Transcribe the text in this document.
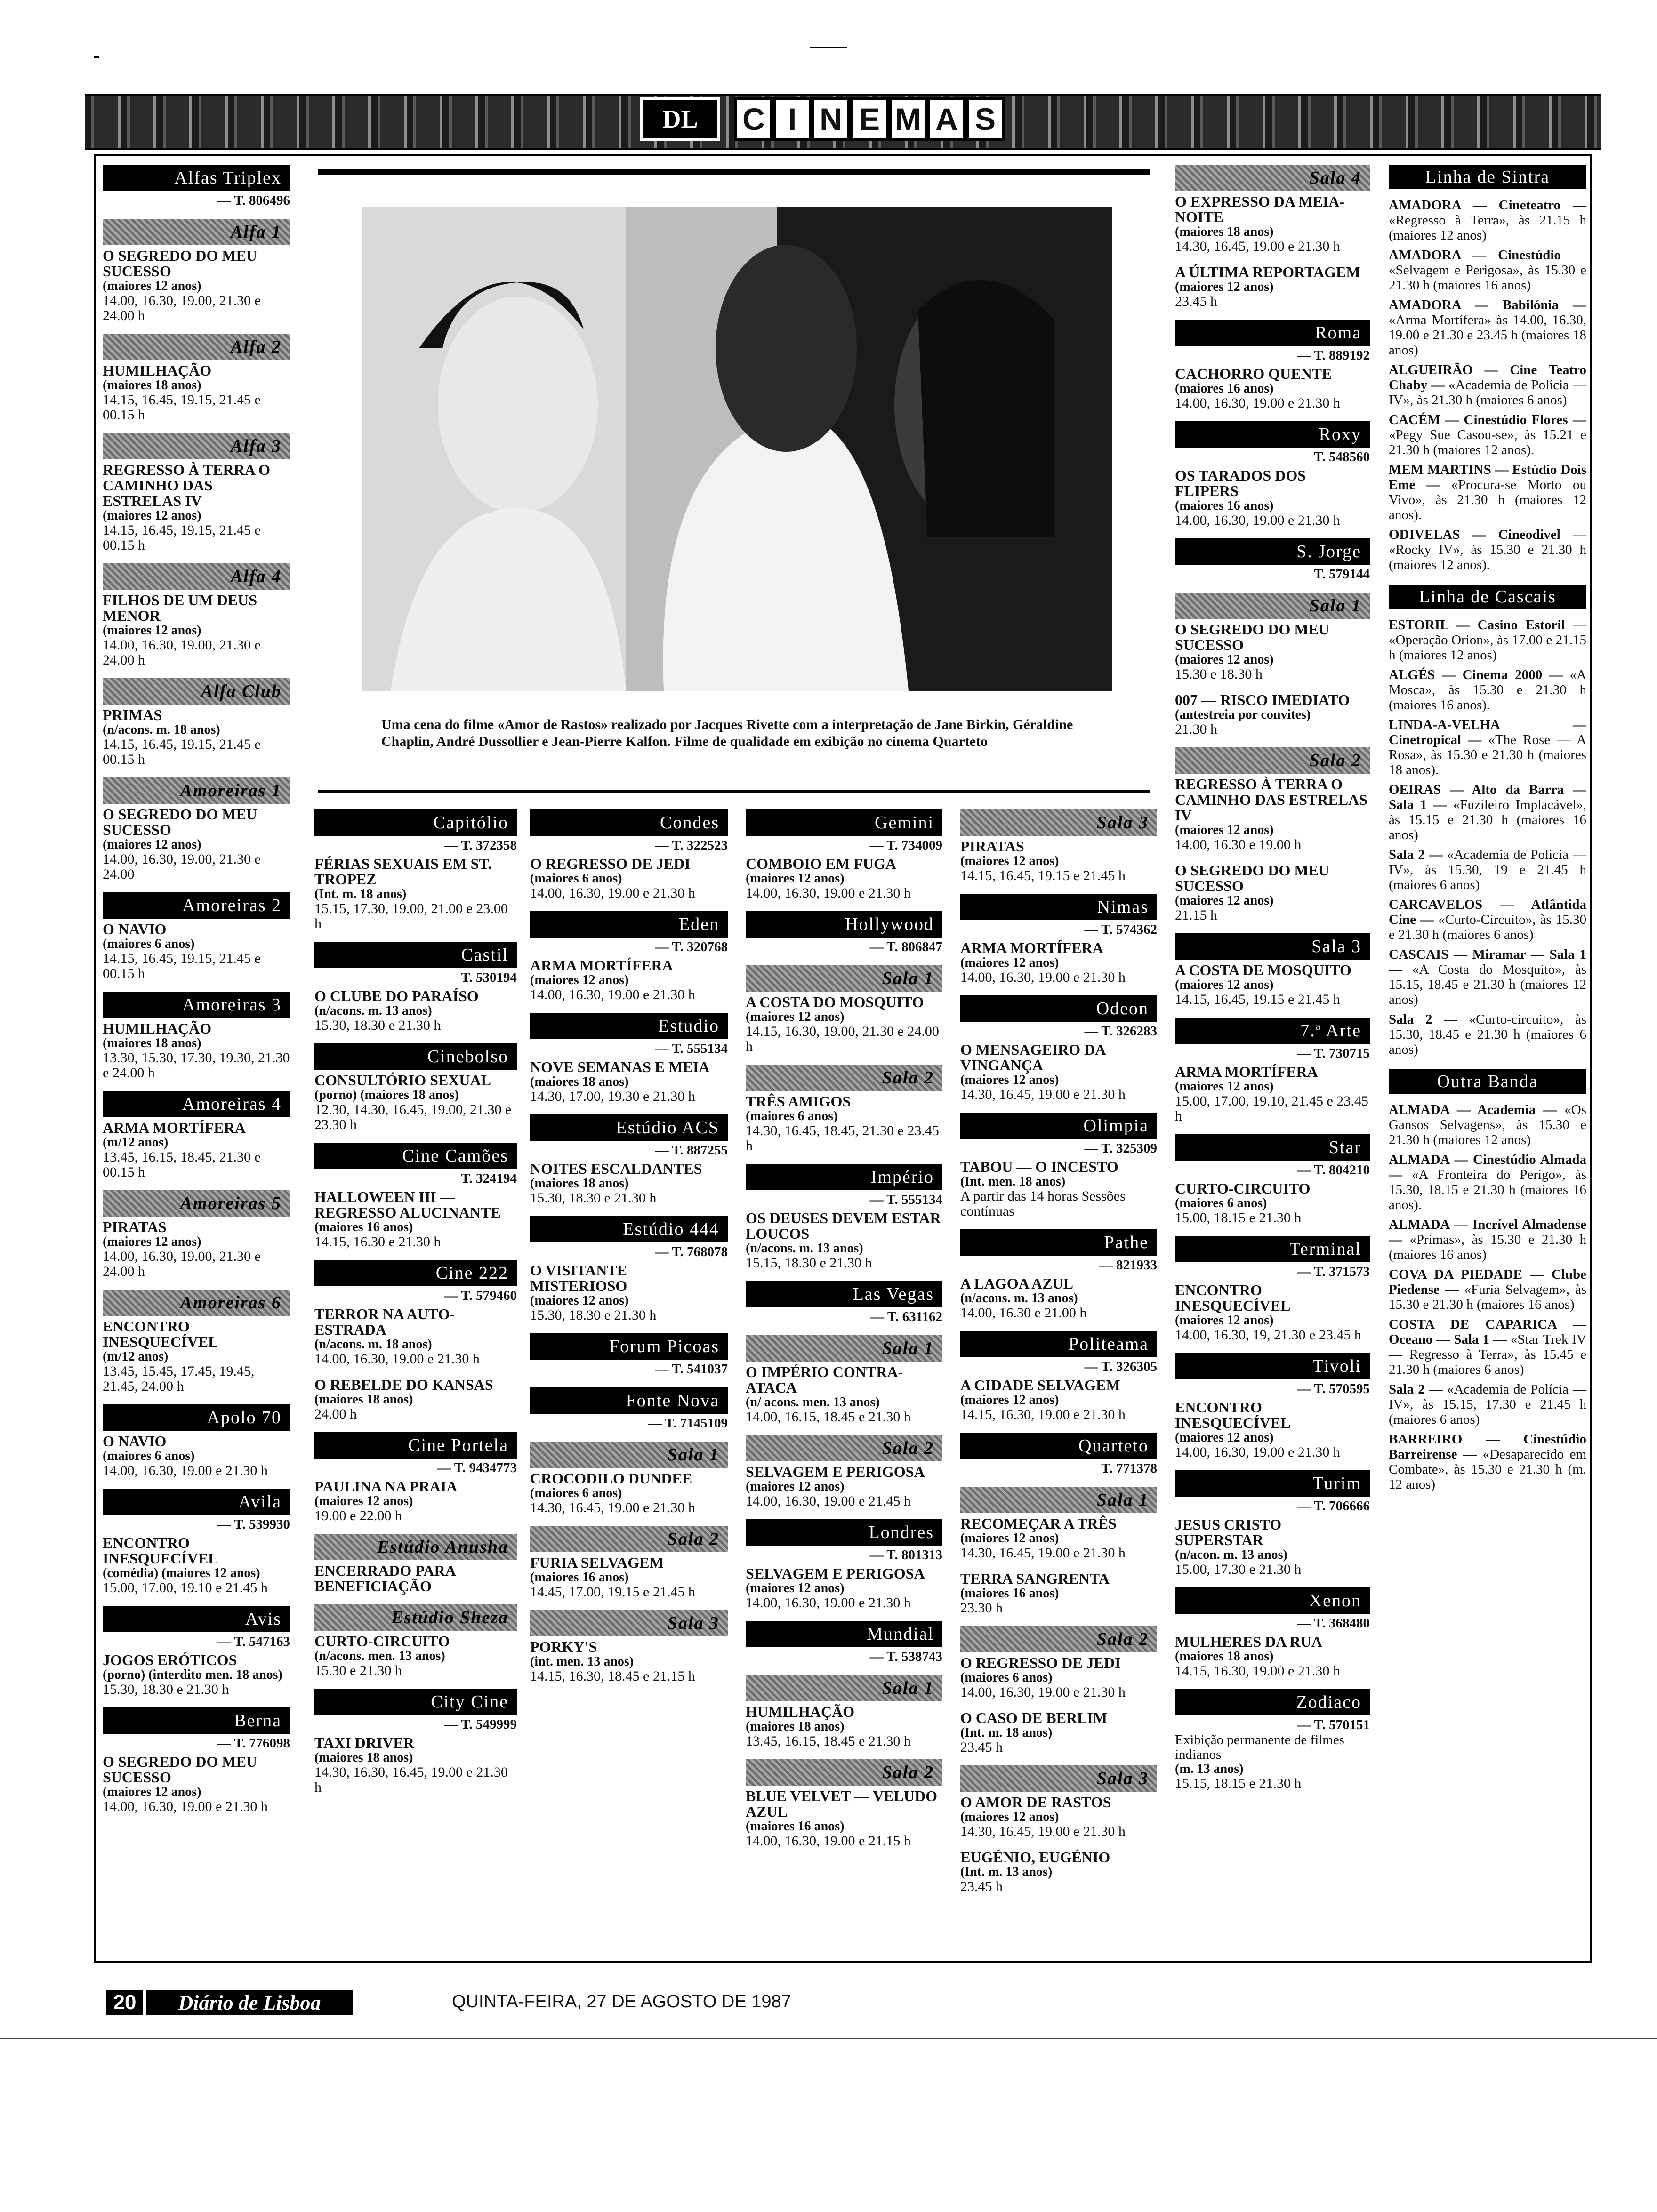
DL	C I N E M A S
Alfas Triplex
— T. 806496
Alfa 1
O SEGREDO DO MEU SUCESSO
(maiores 12 anos)
14.00, 16.30, 19.00, 21.30 e 24.00 h
Alfa 2
HUMILHAÇÃO
(maiores 18 anos)
14.15, 16.45, 19.15, 21.45 e 00.15 h
Alfa 3
REGRESSO À TERRA O CAMINHO DAS ESTRELAS IV
(maiores 12 anos)
14.15, 16.45, 19.15, 21.45 e 00.15 h
Alfa 4
FILHOS DE UM DEUS MENOR
(maiores 12 anos)
14.00, 16.30, 19.00, 21.30 e 24.00 h
Alfa Club
PRIMAS
(n/acons. m. 18 anos)
14.15, 16.45, 19.15, 21.45 e 00.15 h
Amoreiras 1
O SEGREDO DO MEU SUCESSO
(maiores 12 anos)
14.00, 16.30, 19.00, 21.30 e 24.00
Amoreiras 2
O NAVIO
(maiores 6 anos)
14.15, 16.45, 19.15, 21.45 e 00.15 h
Amoreiras 3
HUMILHAÇÃO
(maiores 18 anos)
13.30, 15.30, 17.30, 19.30, 21.30 e 24.00 h
Amoreiras 4
ARMA MORTÍFERA
(m/12 anos)
13.45, 16.15, 18.45, 21.30 e 00.15 h
Amoreiras 5
PIRATAS
(maiores 12 anos)
14.00, 16.30, 19.00, 21.30 e 24.00 h
Amoreiras 6
ENCONTRO INESQUECÍVEL
(m/12 anos)
13.45, 15.45, 17.45, 19.45, 21.45, 24.00 h
Apolo 70
O NAVIO
(maiores 6 anos)
14.00, 16.30, 19.00 e 21.30 h
Avila
— T. 539930
ENCONTRO INESQUECÍVEL
(comédia) (maiores 12 anos)
15.00, 17.00, 19.10 e 21.45 h
Avis
— T. 547163
JOGOS ERÓTICOS
(porno) (interdito men. 18 anos)
15.30, 18.30 e 21.30 h
Berna
— T. 776098
O SEGREDO DO MEU SUCESSO
(maiores 12 anos)
14.00, 16.30, 19.00 e 21.30 h
Capitólio
— T. 372358
FÉRIAS SEXUAIS EM ST. TROPEZ
(Int. m. 18 anos)
15.15, 17.30, 19.00, 21.00 e 23.00 h
Castil
T. 530194
O CLUBE DO PARAÍSO
(n/acons. m. 13 anos)
15.30, 18.30 e 21.30 h
Cinebolso
CONSULTÓRIO SEXUAL
(porno) (maiores 18 anos)
12.30, 14.30, 16.45, 19.00, 21.30 e 23.30 h
Cine Camões
T. 324194
HALLOWEEN III — REGRESSO ALUCINANTE
(maiores 16 anos)
14.15, 16.30 e 21.30 h
Cine 222
— T. 579460
TERROR NA AUTO-ESTRADA
(n/acons. m. 18 anos)
14.00, 16.30, 19.00 e 21.30 h
O REBELDE DO KANSAS
(maiores 18 anos)
24.00 h
Cine Portela
— T. 9434773
PAULINA NA PRAIA
(maiores 12 anos)
19.00 e 22.00 h
Estúdio Anusha
ENCERRADO PARA BENEFICIAÇÃO
Estúdio Sheza
CURTO-CIRCUITO
(n/acons. men. 13 anos)
15.30 e 21.30 h
City Cine
— T. 549999
TAXI DRIVER
(maiores 18 anos)
14.30, 16.30, 16.45, 19.00 e 21.30 h
Condes
— T. 322523
O REGRESSO DE JEDI
(maiores 6 anos)
14.00, 16.30, 19.00 e 21.30 h
Eden
— T. 320768
ARMA MORTÍFERA
(maiores 12 anos)
14.00, 16.30, 19.00 e 21.30 h
Estudio
— T. 555134
NOVE SEMANAS E MEIA
(maiores 18 anos)
14.30, 17.00, 19.30 e 21.30 h
Estúdio ACS
— T. 887255
NOITES ESCALDANTES
(maiores 18 anos)
15.30, 18.30 e 21.30 h
Estúdio 444
— T. 768078
O VISITANTE MISTERIOSO
(maiores 12 anos)
15.30, 18.30 e 21.30 h
Forum Picoas
— T. 541037
Fonte Nova
— T. 7145109
Sala 1
CROCODILO DUNDEE
(maiores 6 anos)
14.30, 16.45, 19.00 e 21.30 h
Sala 2
FURIA SELVAGEM
(maiores 16 anos)
14.45, 17.00, 19.15 e 21.45 h
Sala 3
PORKY'S
(int. men. 13 anos)
14.15, 16.30, 18.45 e 21.15 h
Gemini
— T. 734009
COMBOIO EM FUGA
(maiores 12 anos)
14.00, 16.30, 19.00 e 21.30 h
Hollywood
— T. 806847
Sala 1
A COSTA DO MOSQUITO
(maiores 12 anos)
14.15, 16.30, 19.00, 21.30 e 24.00 h
Sala 2
TRÊS AMIGOS
(maiores 6 anos)
14.30, 16.45, 18.45, 21.30 e 23.45 h
Império
— T. 555134
OS DEUSES DEVEM ESTAR LOUCOS
(n/acons. m. 13 anos)
15.15, 18.30 e 21.30 h
Las Vegas
— T. 631162
Sala 1
O IMPÉRIO CONTRA-ATACA
(n/ acons. men. 13 anos)
14.00, 16.15, 18.45 e 21.30 h
Sala 2
SELVAGEM E PERIGOSA
(maiores 12 anos)
14.00, 16.30, 19.00 e 21.45 h
Londres
— T. 801313
SELVAGEM E PERIGOSA
(maiores 12 anos)
14.00, 16.30, 19.00 e 21.30 h
Mundial
— T. 538743
Sala 1
HUMILHAÇÃO
(maiores 18 anos)
13.45, 16.15, 18.45 e 21.30 h
Sala 2
BLUE VELVET — VELUDO AZUL
(maiores 16 anos)
14.00, 16.30, 19.00 e 21.15 h
Sala 3
PIRATAS
(maiores 12 anos)
14.15, 16.45, 19.15 e 21.45 h
Nimas
— T. 574362
ARMA MORTÍFERA
(maiores 12 anos)
14.00, 16.30, 19.00 e 21.30 h
Odeon
— T. 326283
O MENSAGEIRO DA VINGANÇA
(maiores 12 anos)
14.30, 16.45, 19.00 e 21.30 h
Olimpia
— T. 325309
TABOU — O INCESTO
(Int. men. 18 anos)
A partir das 14 horas Sessões contínuas
Pathe
— 821933
A LAGOA AZUL
(n/acons. m. 13 anos)
14.00, 16.30 e 21.00 h
Politeama
— T. 326305
A CIDADE SELVAGEM
(maiores 12 anos)
14.15, 16.30, 19.00 e 21.30 h
Quarteto
T. 771378
Sala 1
RECOMEÇAR A TRÊS
(maiores 12 anos)
14.30, 16.45, 19.00 e 21.30 h
TERRA SANGRENTA
(maiores 16 anos)
23.30 h
Sala 2
O REGRESSO DE JEDI
(maiores 6 anos)
14.00, 16.30, 19.00 e 21.30 h
O CASO DE BERLIM
(Int. m. 18 anos)
23.45 h
Sala 3
O AMOR DE RASTOS
(maiores 12 anos)
14.30, 16.45, 19.00 e 21.30 h
EUGÉNIO, EUGÉNIO
(Int. m. 13 anos)
23.45 h
Sala 4
O EXPRESSO DA MEIA-NOITE
(maiores 18 anos)
14.30, 16.45, 19.00 e 21.30 h
A ÚLTIMA REPORTAGEM
(maiores 12 anos)
23.45 h
Roma
— T. 889192
CACHORRO QUENTE
(maiores 16 anos)
14.00, 16.30, 19.00 e 21.30 h
Roxy
T. 548560
OS TARADOS DOS FLIPERS
(maiores 16 anos)
14.00, 16.30, 19.00 e 21.30 h
S. Jorge
T. 579144
Sala 1
O SEGREDO DO MEU SUCESSO
(maiores 12 anos)
15.30 e 18.30 h
007 — RISCO IMEDIATO
(antestreia por convites)
21.30 h
Sala 2
REGRESSO À TERRA O CAMINHO DAS ESTRELAS IV
(maiores 12 anos)
14.00, 16.30 e 19.00 h
O SEGREDO DO MEU SUCESSO
(maiores 12 anos)
21.15 h
Sala 3
A COSTA DE MOSQUITO
(maiores 12 anos)
14.15, 16.45, 19.15 e 21.45 h
7.ª Arte
— T. 730715
ARMA MORTÍFERA
(maiores 12 anos)
15.00, 17.00, 19.10, 21.45 e 23.45 h
Star
— T. 804210
CURTO-CIRCUITO
(maiores 6 anos)
15.00, 18.15 e 21.30 h
Terminal
— T. 371573
ENCONTRO INESQUECÍVEL
(maiores 12 anos)
14.00, 16.30, 19, 21.30 e 23.45 h
Tivoli
— T. 570595
ENCONTRO INESQUECÍVEL
(maiores 12 anos)
14.00, 16.30, 19.00 e 21.30 h
Turim
— T. 706666
JESUS CRISTO SUPERSTAR
(n/acon. m. 13 anos)
15.00, 17.30 e 21.30 h
Xenon
— T. 368480
MULHERES DA RUA
(maiores 18 anos)
14.15, 16.30, 19.00 e 21.30 h
Zodiaco
— T. 570151
Exibição permanente de filmes indianos
(m. 13 anos)
15.15, 18.15 e 21.30 h
Uma cena do filme «Amor de Rastos» realizado por Jacques Rivette com a interpretação de Jane Birkin, Géraldine Chaplin, André Dussollier e Jean-Pierre Kalfon. Filme de qualidade em exibição no cinema Quarteto
Linha de Sintra
AMADORA — Cineteatro — «Regresso à Terra», às 21.15 h (maiores 12 anos)
AMADORA — Cinestúdio — «Selvagem e Perigosa», às 15.30 e 21.30 h (maiores 16 anos)
AMADORA — Babilónia — «Arma Mortífera» às 14.00, 16.30, 19.00 e 21.30 e 23.45 h (maiores 18 anos)
ALGUEIRÃO — Cine Teatro Chaby — «Academia de Polícia — IV», às 21.30 h (maiores 6 anos)
CACÉM — Cinestúdio Flores — «Pegy Sue Casou-se», às 15.21 e 21.30 h (maiores 12 anos).
MEM MARTINS — Estúdio Dois Eme — «Procura-se Morto ou Vivo», às 21.30 h (maiores 12 anos).
ODIVELAS — Cineodivel — «Rocky IV», às 15.30 e 21.30 h (maiores 12 anos).
Linha de Cascais
ESTORIL — Casino Estoril — «Operação Orion», às 17.00 e 21.15 h (maiores 12 anos)
ALGÉS — Cinema 2000 — «A Mosca», às 15.30 e 21.30 h (maiores 16 anos).
LINDA-A-VELHA — Cinetropical — «The Rose — A Rosa», às 15.30 e 21.30 h (maiores 18 anos).
OEIRAS — Alto da Barra — Sala 1 — «Fuzileiro Implacável», às 15.15 e 21.30 h (maiores 16 anos)
Sala 2 — «Academia de Polícia — IV», às 15.30, 19 e 21.45 h (maiores 6 anos)
CARCAVELOS — Atlântida Cine — «Curto-Circuito», às 15.30 e 21.30 h (maiores 6 anos)
CASCAIS — Miramar — Sala 1 — «A Costa do Mosquito», às 15.15, 18.45 e 21.30 h (maiores 12 anos)
Sala 2 — «Curto-circuito», às 15.30, 18.45 e 21.30 h (maiores 6 anos)
Outra Banda
ALMADA — Academia — «Os Gansos Selvagens», às 15.30 e 21.30 h (maiores 12 anos)
ALMADA — Cinestúdio Almada — «A Fronteira do Perigo», às 15.30, 18.15 e 21.30 h (maiores 16 anos).
ALMADA — Incrível Almadense — «Primas», às 15.30 e 21.30 h (maiores 16 anos)
COVA DA PIEDADE — Clube Piedense — «Furia Selvagem», às 15.30 e 21.30 h (maiores 16 anos)
COSTA DE CAPARICA — Oceano — Sala 1 — «Star Trek IV — Regresso à Terra», às 15.45 e 21.30 h (maiores 6 anos)
Sala 2 — «Academia de Polícia — IV», às 15.15, 17.30 e 21.45 h (maiores 6 anos)
BARREIRO — Cinestúdio Barreirense — «Desaparecido em Combate», às 15.30 e 21.30 h (m. 12 anos)
20	Diário de Lisboa	QUINTA-FEIRA, 27 DE AGOSTO DE 1987
